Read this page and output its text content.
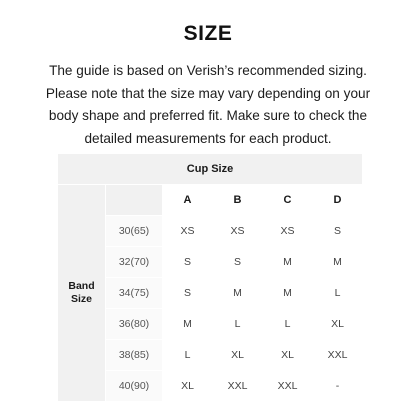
SIZE
The guide is based on Verish’s recommended sizing. Please note that the size may vary depending on your body shape and preferred fit. Make sure to check the detailed measurements for each product.
Cup Size					
Band
Size		A	B	C	D
	30(65)	XS	XS	XS	S
	32(70)	S	S	M	M
	34(75)	S	M	M	L
	36(80)	M	L	L	XL
	38(85)	L	XL	XL	XXL
	40(90)	XL	XXL	XXL	-
